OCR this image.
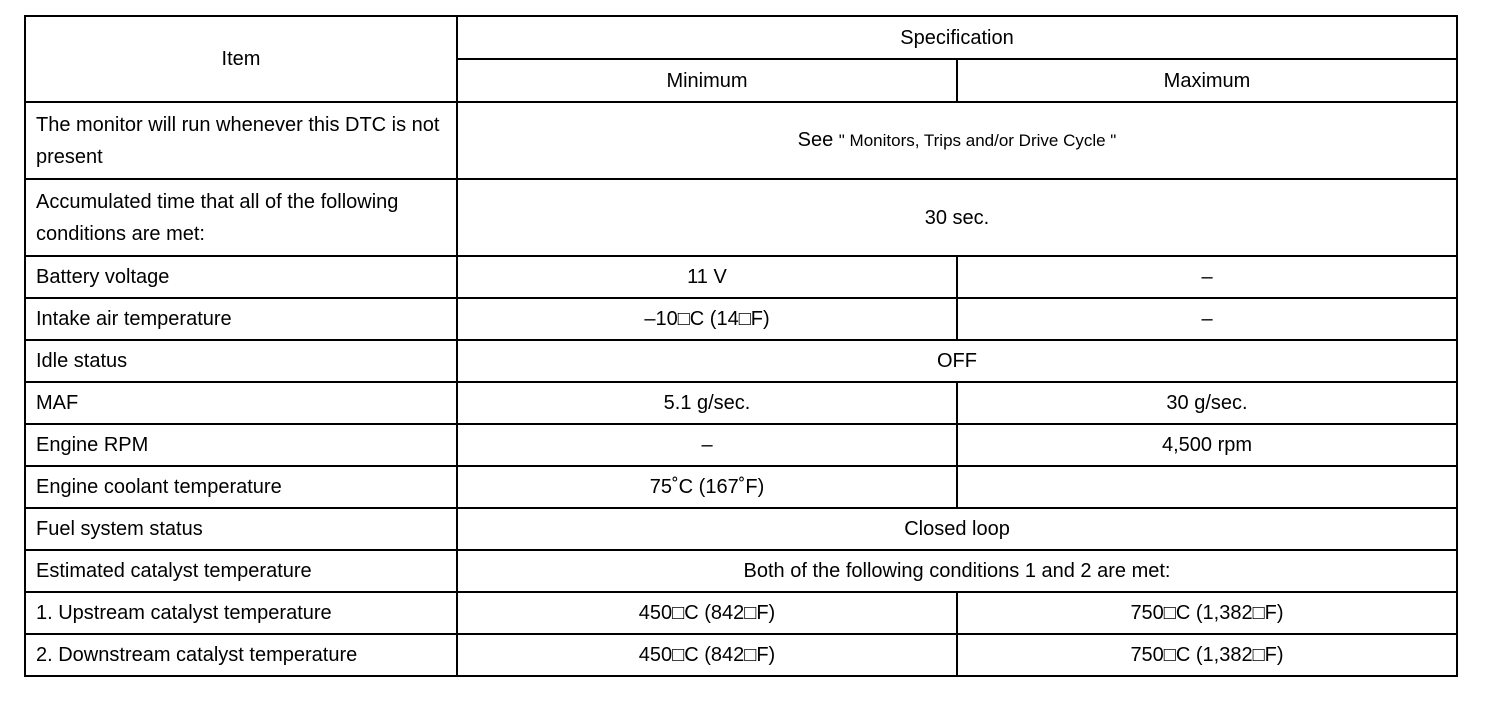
Item	Specification	
	Minimum	Maximum
The monitor will run whenever this DTC is not present	See " Monitors, Trips and/or Drive Cycle "	
Accumulated time that all of the following conditions are met:	30 sec.	
Battery voltage	11 V	–
Intake air temperature	–10□C (14□F)	–
Idle status	OFF	
MAF	5.1 g/sec.	30 g/sec.
Engine RPM	–	4,500 rpm
Engine coolant temperature	75˚C (167˚F)	
Fuel system status	Closed loop	
Estimated catalyst temperature	Both of the following conditions 1 and 2 are met:	
1. Upstream catalyst temperature	450□C (842□F)	750□C (1,382□F)
2. Downstream catalyst temperature	450□C (842□F)	750□C (1,382□F)
